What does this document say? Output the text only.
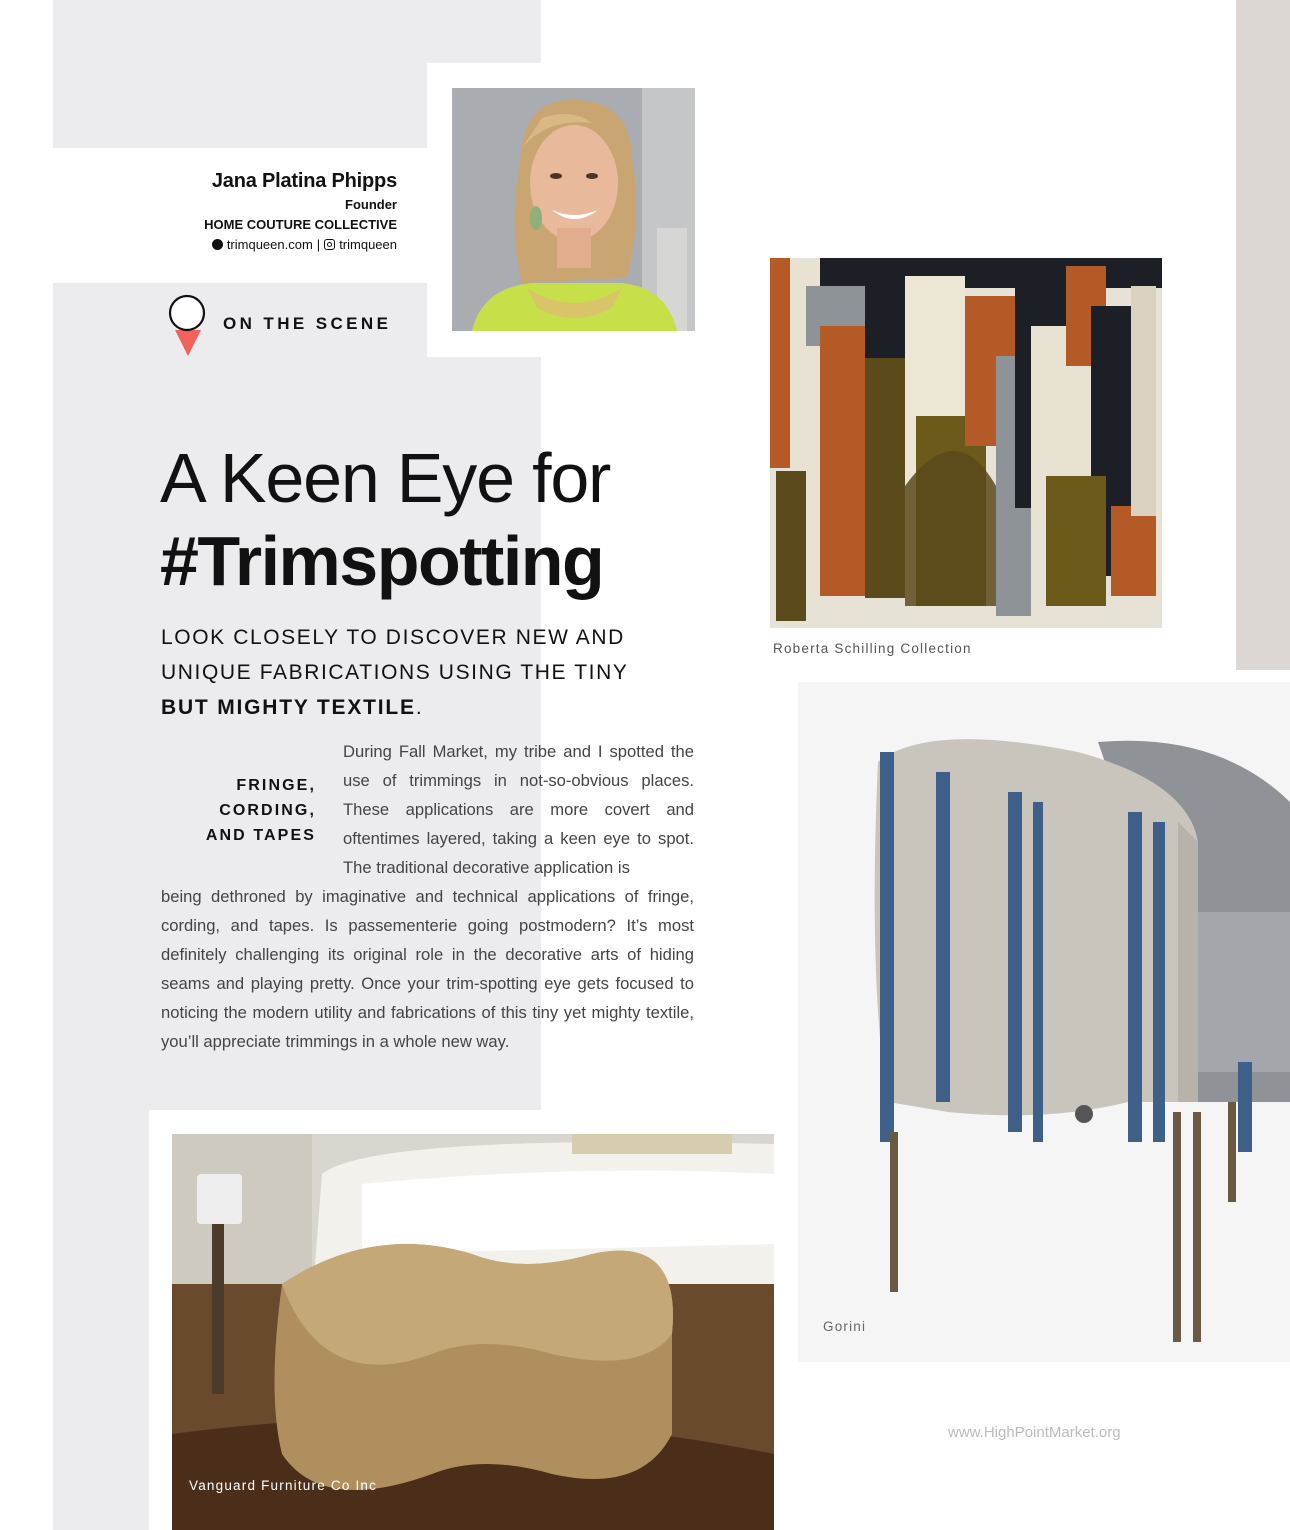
Jana Platina Phipps
Founder
HOME COUTURE COLLECTIVE
trimqueen.com | trimqueen
ON THE SCENE
A Keen Eye for
#Trimspotting
LOOK CLOSELY TO DISCOVER NEW AND
UNIQUE FABRICATIONS USING THE TINY
BUT MIGHTY TEXTILE.
FRINGE,
CORDING,
AND TAPES
During Fall Market, my tribe and I spotted the use of trimmings in not-so-obvious places. These applications are more covert and oftentimes layered, taking a keen eye to spot. The traditional decorative application is
being dethroned by imaginative and technical applications of fringe, cording, and tapes. Is passementerie going postmodern? It’s most definitely challenging its original role in the decorative arts of hiding seams and playing pretty. Once your trim-spotting eye gets focused to noticing the modern utility and fabrications of this tiny yet mighty textile, you’ll appreciate trimmings in a whole new way.
Roberta Schilling Collection
Gorini
Vanguard Furniture Co Inc
www.HighPointMarket.org
